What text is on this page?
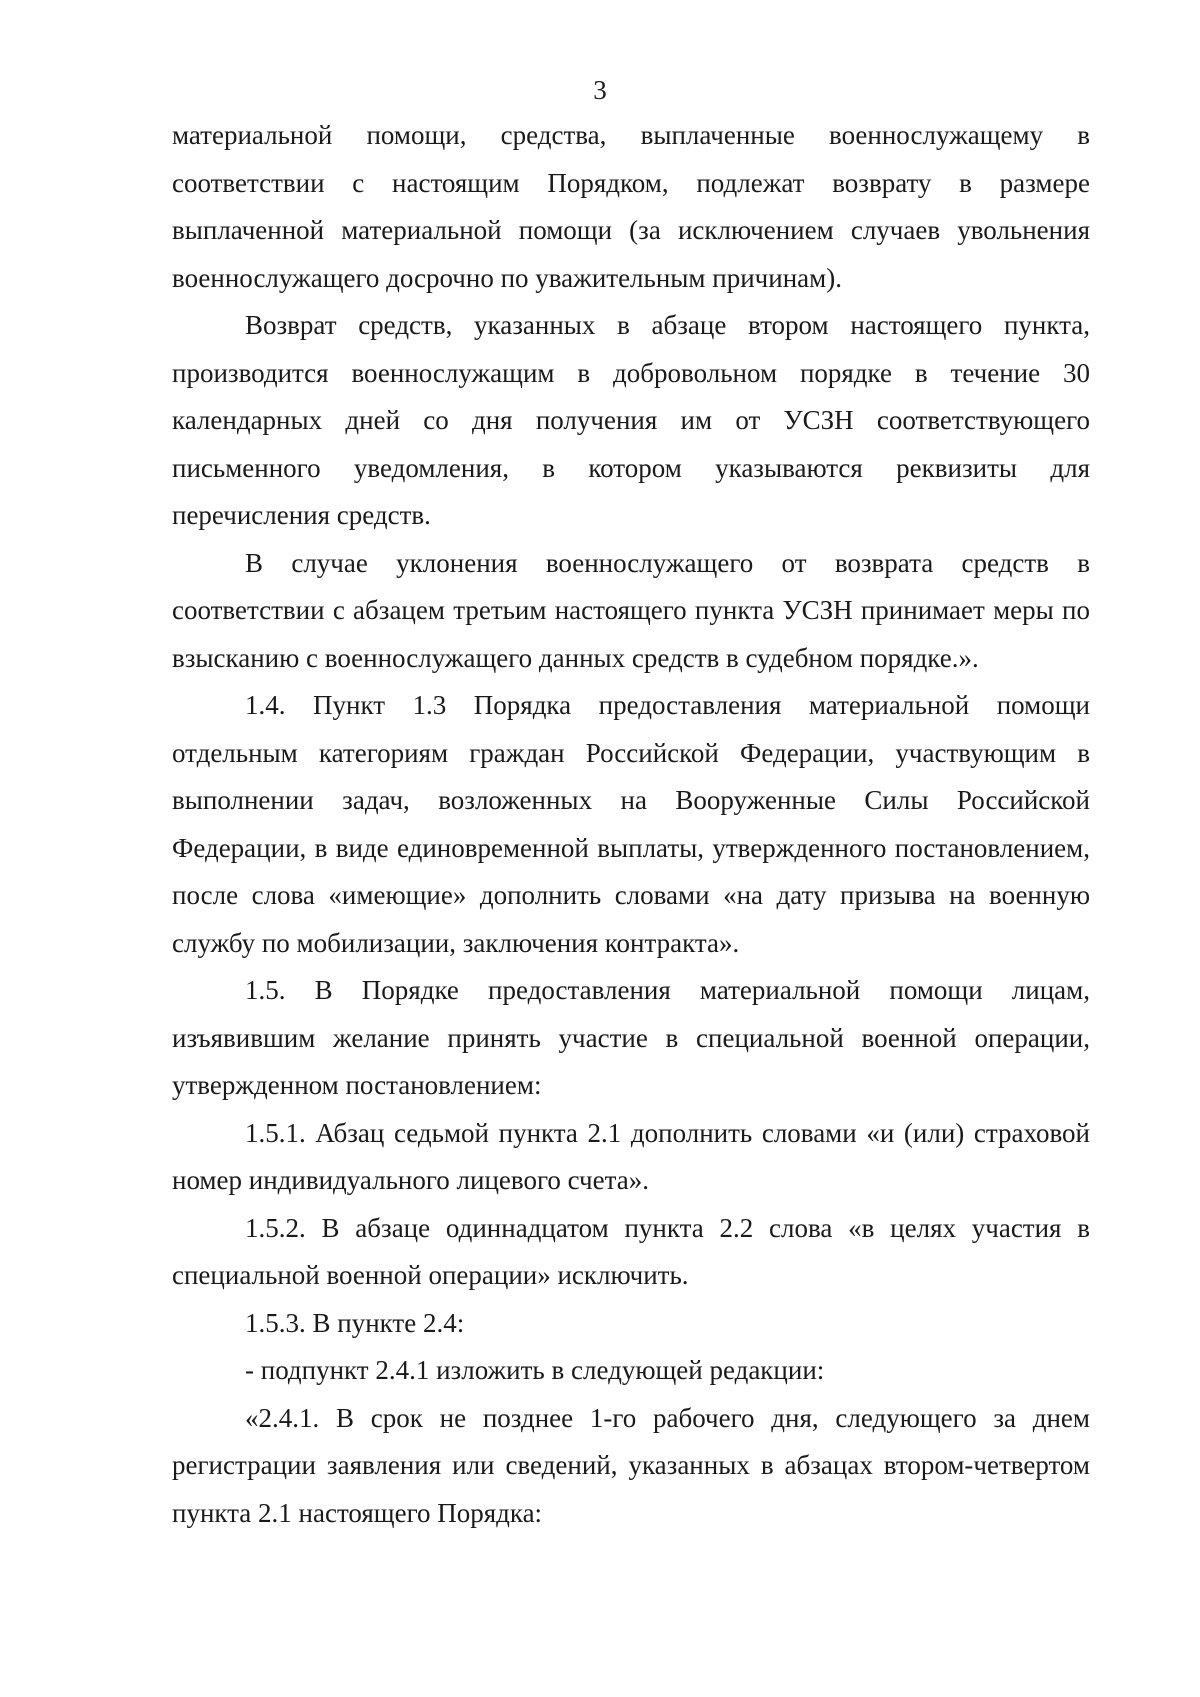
3

материальной помощи, средства, выплаченные военнослужащему в соответствии с настоящим Порядком, подлежат возврату в размере выплаченной материальной помощи (за исключением случаев увольнения военнослужащего досрочно по уважительным причинам).

Возврат средств, указанных в абзаце втором настоящего пункта, производится военнослужащим в добровольном порядке в течение 30 календарных дней со дня получения им от УСЗН соответствующего письменного уведомления, в котором указываются реквизиты для перечисления средств.

В случае уклонения военнослужащего от возврата средств в соответствии с абзацем третьим настоящего пункта УСЗН принимает меры по взысканию с военнослужащего данных средств в судебном порядке.».

1.4. Пункт 1.3 Порядка предоставления материальной помощи отдельным категориям граждан Российской Федерации, участвующим в выполнении задач, возложенных на Вооруженные Силы Российской Федерации, в виде единовременной выплаты, утвержденного постановлением, после слова «имеющие» дополнить словами «на дату призыва на военную службу по мобилизации, заключения контракта».

1.5. В Порядке предоставления материальной помощи лицам, изъявившим желание принять участие в специальной военной операции, утвержденном постановлением:

1.5.1. Абзац седьмой пункта 2.1 дополнить словами «и (или) страховой номер индивидуального лицевого счета».

1.5.2. В абзаце одиннадцатом пункта 2.2 слова «в целях участия в специальной военной операции» исключить.

1.5.3. В пункте 2.4:

- подпункт 2.4.1 изложить в следующей редакции:

«2.4.1. В срок не позднее 1-го рабочего дня, следующего за днем регистрации заявления или сведений, указанных в абзацах втором-четвертом пункта 2.1 настоящего Порядка:
